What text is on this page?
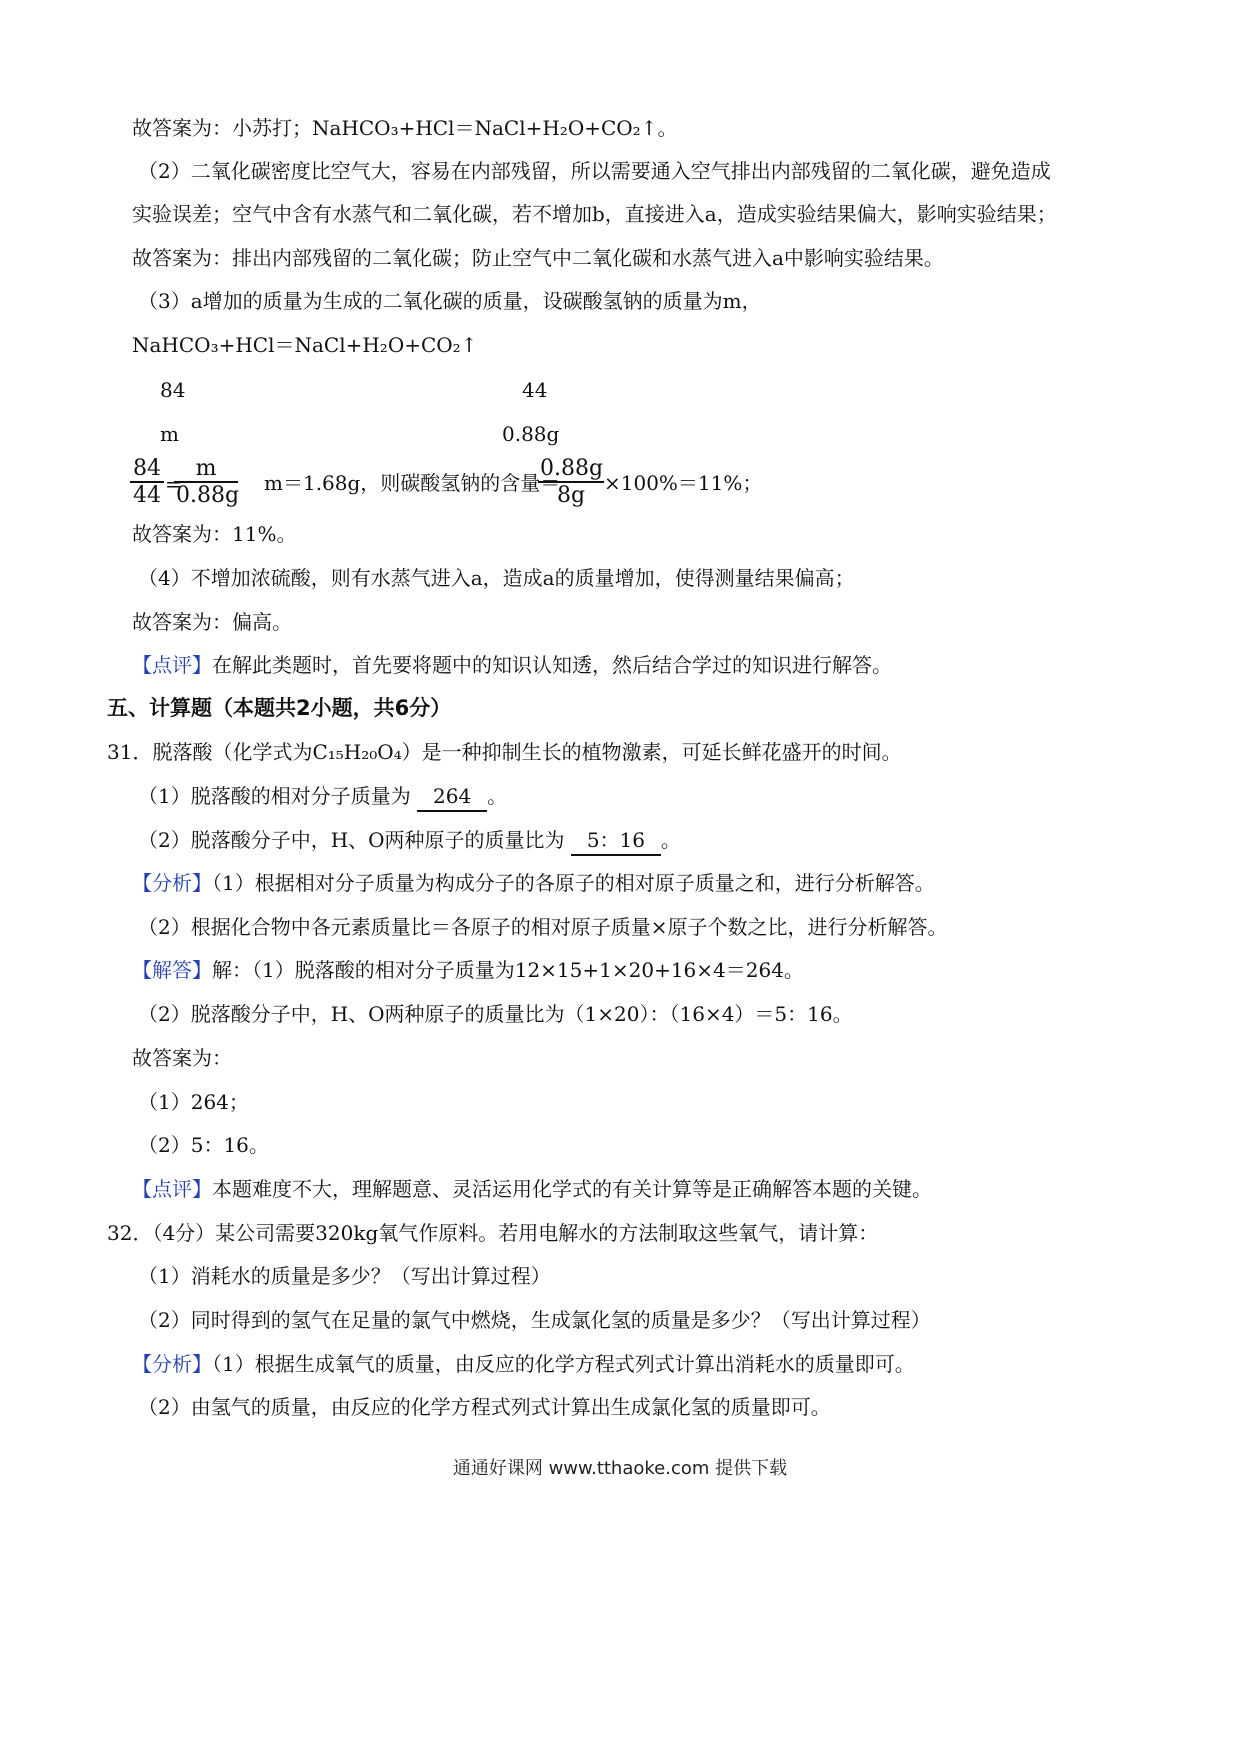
故答案为：小苏打；NaHCO₃+HCl＝NaCl+H₂O+CO₂↑。
（2）二氧化碳密度比空气大，容易在内部残留，所以需要通入空气排出内部残留的二氧化碳，避免造成
实验误差；空气中含有水蒸气和二氧化碳，若不增加b，直接进入a，造成实验结果偏大，影响实验结果；
故答案为：排出内部残留的二氧化碳；防止空气中二氧化碳和水蒸气进入a中影响实验结果。
（3）a增加的质量为生成的二氧化碳的质量，设碳酸氢钠的质量为m，
NaHCO₃+HCl＝NaCl+H₂O+CO₂↑
84	44
m	0.88g
84
44 =
m
0.88g m＝1.68g，则碳酸氢钠的含量＝
0.88g
8g ×100%＝11%；
故答案为：11%。
（4）不增加浓硫酸，则有水蒸气进入a，造成a的质量增加，使得测量结果偏高；
故答案为：偏高。
【点评】在解此类题时，首先要将题中的知识认知透，然后结合学过的知识进行解答。
五、计算题（本题共2小题，共6分）
31．脱落酸（化学式为C₁₅H₂₀O₄）是一种抑制生长的植物激素，可延长鲜花盛开的时间。
（1）脱落酸的相对分子质量为 264 。
（2）脱落酸分子中，H、O两种原子的质量比为 5：16 。
【分析】（1）根据相对分子质量为构成分子的各原子的相对原子质量之和，进行分析解答。
（2）根据化合物中各元素质量比＝各原子的相对原子质量×原子个数之比，进行分析解答。
【解答】解：（1）脱落酸的相对分子质量为12×15+1×20+16×4＝264。
（2）脱落酸分子中，H、O两种原子的质量比为（1×20）：（16×4）＝5：16。
故答案为：
（1）264；
（2）5：16。
【点评】本题难度不大，理解题意、灵活运用化学式的有关计算等是正确解答本题的关键。
32．（4分）某公司需要320kg氧气作原料。若用电解水的方法制取这些氧气，请计算：
（1）消耗水的质量是多少？（写出计算过程）
（2）同时得到的氢气在足量的氯气中燃烧，生成氯化氢的质量是多少？（写出计算过程）
【分析】（1）根据生成氧气的质量，由反应的化学方程式列式计算出消耗水的质量即可。
（2）由氢气的质量，由反应的化学方程式列式计算出生成氯化氢的质量即可。
通通好课网 www.tthaoke.com 提供下载
